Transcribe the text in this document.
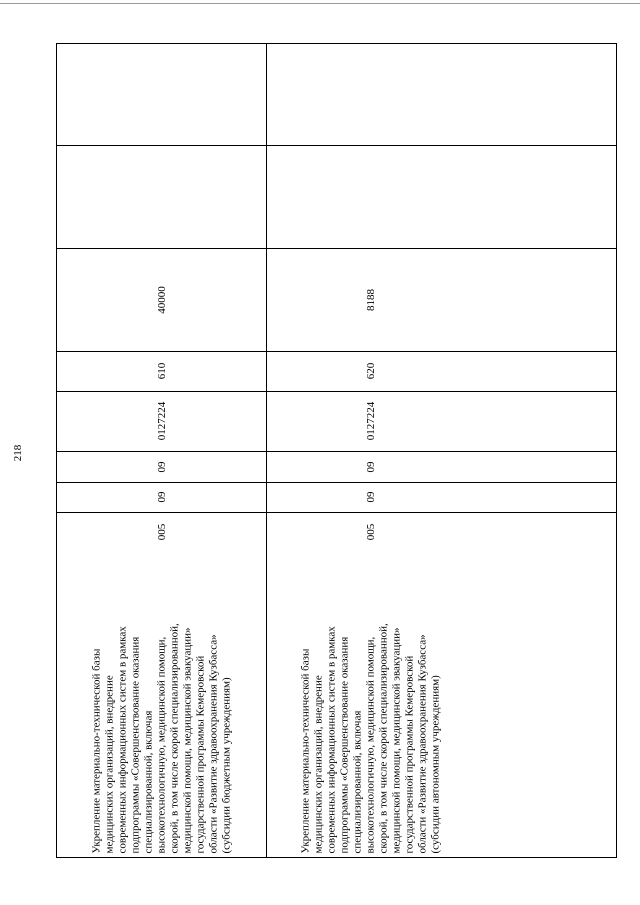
218
40000
610
0127224
09
09
005
Укрепление материально-технической базы медицинских организаций, внедрение современных информационных систем в рамках подпрограммы «Совершенствование оказания специализированной, включая высокотехнологичную, медицинской помощи, скорой, в том числе скорой специализированной, медицинской помощи, медицинской эвакуации» государственной программы Кемеровской области «Развитие здравоохранения Кузбасса» (субсидии бюджетным учреждениям)
8188
620
0127224
09
09
005
Укрепление материально-технической базы медицинских организаций, внедрение современных информационных систем в рамках подпрограммы «Совершенствование оказания специализированной, включая высокотехнологичную, медицинской помощи, скорой, в том числе скорой специализированной, медицинской помощи, медицинской эвакуации» государственной программы Кемеровской области «Развитие здравоохранения Кузбасса» (субсидии автономным учреждениям)
